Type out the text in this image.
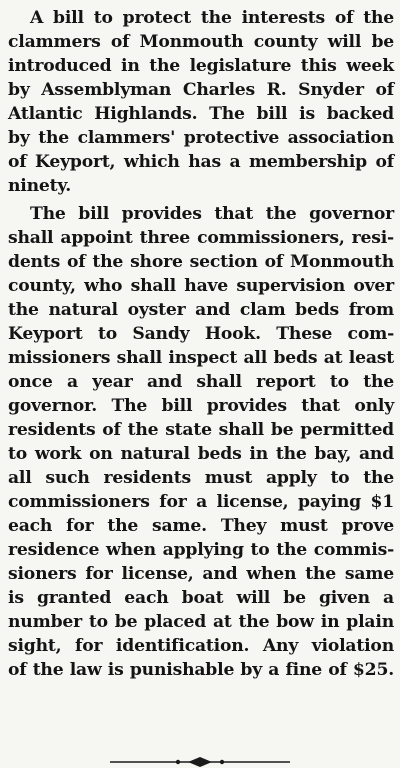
A bill to protect the interests of the
clammers of Monmouth county will be
introduced in the legislature this week
by Assemblyman Charles R. Snyder of
Atlantic Highlands. The bill is backed
by the clammers' protective association
of Keyport, which has a membership of
ninety.
The bill provides that the governor
shall appoint three commissioners, resi-
dents of the shore section of Monmouth
county, who shall have supervision over
the natural oyster and clam beds from
Keyport to Sandy Hook. These com-
missioners shall inspect all beds at least
once a year and shall report to the
governor. The bill provides that only
residents of the state shall be permitted
to work on natural beds in the bay, and
all such residents must apply to the
commissioners for a license, paying $1
each for the same. They must prove
residence when applying to the commis-
sioners for license, and when the same
is granted each boat will be given a
number to be placed at the bow in plain
sight, for identification. Any violation
of the law is punishable by a fine of $25.
